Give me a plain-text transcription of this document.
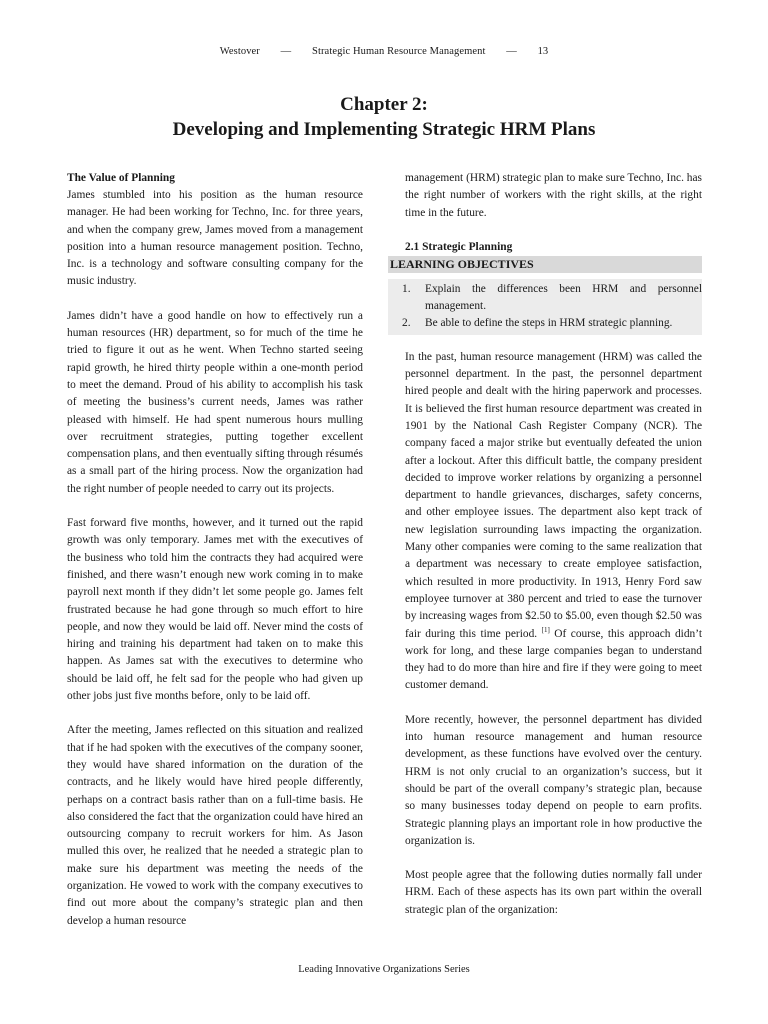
Westover — Strategic Human Resource Management — 13
Chapter 2:
Developing and Implementing Strategic HRM Plans
The Value of Planning

James stumbled into his position as the human resource manager. He had been working for Techno, Inc. for three years, and when the company grew, James moved from a management position into a human resource management position. Techno, Inc. is a technology and software consulting company for the music industry.

James didn’t have a good handle on how to effectively run a human resources (HR) department, so for much of the time he tried to figure it out as he went. When Techno started seeing rapid growth, he hired thirty people within a one-month period to meet the demand. Proud of his ability to accomplish his task of meeting the business’s current needs, James was rather pleased with himself. He had spent numerous hours mulling over recruitment strategies, putting together excellent compensation plans, and then eventually sifting through résumés as a small part of the hiring process. Now the organization had the right number of people needed to carry out its projects.

Fast forward five months, however, and it turned out the rapid growth was only temporary. James met with the executives of the business who told him the contracts they had acquired were finished, and there wasn’t enough new work coming in to make payroll next month if they didn’t let some people go. James felt frustrated because he had gone through so much effort to hire people, and now they would be laid off. Never mind the costs of hiring and training his department had taken on to make this happen. As James sat with the executives to determine who should be laid off, he felt sad for the people who had given up other jobs just five months before, only to be laid off.

After the meeting, James reflected on this situation and realized that if he had spoken with the executives of the company sooner, they would have shared information on the duration of the contracts, and he likely would have hired people differently, perhaps on a contract basis rather than on a full-time basis. He also considered the fact that the organization could have hired an outsourcing company to recruit workers for him. As Jason mulled this over, he realized that he needed a strategic plan to make sure his department was meeting the needs of the organization. He vowed to work with the company executives to find out more about the company’s strategic plan and then develop a human resource

management (HRM) strategic plan to make sure Techno, Inc. has the right number of workers with the right skills, at the right time in the future.

2.1 Strategic Planning
LEARNING OBJECTIVES
1. Explain the differences been HRM and personnel management.
2. Be able to define the steps in HRM strategic planning.

In the past, human resource management (HRM) was called the personnel department. In the past, the personnel department hired people and dealt with the hiring paperwork and processes. It is believed the first human resource department was created in 1901 by the National Cash Register Company (NCR). The company faced a major strike but eventually defeated the union after a lockout. After this difficult battle, the company president decided to improve worker relations by organizing a personnel department to handle grievances, discharges, safety concerns, and other employee issues. The department also kept track of new legislation surrounding laws impacting the organization. Many other companies were coming to the same realization that a department was necessary to create employee satisfaction, which resulted in more productivity. In 1913, Henry Ford saw employee turnover at 380 percent and tried to ease the turnover by increasing wages from $2.50 to $5.00, even though $2.50 was fair during this time period. [1] Of course, this approach didn’t work for long, and these large companies began to understand they had to do more than hire and fire if they were going to meet customer demand.

More recently, however, the personnel department has divided into human resource management and human resource development, as these functions have evolved over the century. HRM is not only crucial to an organization’s success, but it should be part of the overall company’s strategic plan, because so many businesses today depend on people to earn profits. Strategic planning plays an important role in how productive the organization is.

Most people agree that the following duties normally fall under HRM. Each of these aspects has its own part within the overall strategic plan of the organization:

Leading Innovative Organizations Series
